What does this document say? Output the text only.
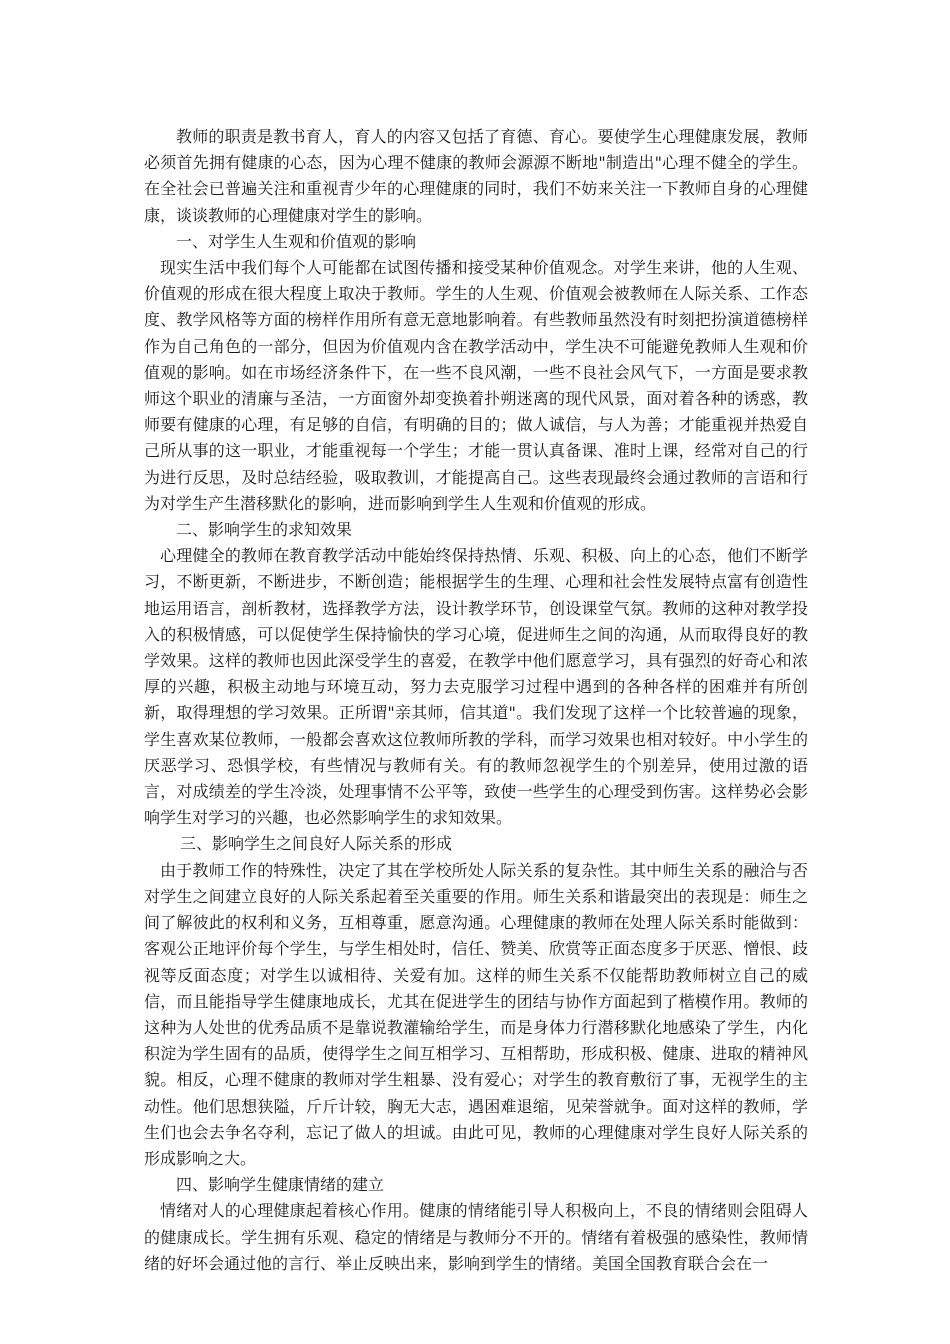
教师的职责是教书育人，育人的内容又包括了育德、育心。要使学生心理健康发展，教师必须首先拥有健康的心态，因为心理不健康的教师会源源不断地"制造出"心理不健全的学生。在全社会已普遍关注和重视青少年的心理健康的同时，我们不妨来关注一下教师自身的心理健康，谈谈教师的心理健康对学生的影响。

一、对学生人生观和价值观的影响

现实生活中我们每个人可能都在试图传播和接受某种价值观念。对学生来讲，他的人生观、价值观的形成在很大程度上取决于教师。学生的人生观、价值观会被教师在人际关系、工作态度、教学风格等方面的榜样作用所有意无意地影响着。有些教师虽然没有时刻把扮演道德榜样作为自己角色的一部分，但因为价值观内含在教学活动中，学生决不可能避免教师人生观和价值观的影响。如在市场经济条件下，在一些不良风潮，一些不良社会风气下，一方面是要求教师这个职业的清廉与圣洁，一方面窗外却变换着扑朔迷离的现代风景，面对着各种的诱惑，教师要有健康的心理，有足够的自信，有明确的目的；做人诚信，与人为善；才能重视并热爱自己所从事的这一职业，才能重视每一个学生；才能一贯认真备课、准时上课，经常对自己的行为进行反思，及时总结经验，吸取教训，才能提高自己。这些表现最终会通过教师的言语和行为对学生产生潜移默化的影响，进而影响到学生人生观和价值观的形成。

二、影响学生的求知效果

心理健全的教师在教育教学活动中能始终保持热情、乐观、积极、向上的心态，他们不断学习，不断更新，不断进步，不断创造；能根据学生的生理、心理和社会性发展特点富有创造性地运用语言，剖析教材，选择教学方法，设计教学环节，创设课堂气氛。教师的这种对教学投入的积极情感，可以促使学生保持愉快的学习心境，促进师生之间的沟通，从而取得良好的教学效果。这样的教师也因此深受学生的喜爱，在教学中他们愿意学习，具有强烈的好奇心和浓厚的兴趣，积极主动地与环境互动，努力去克服学习过程中遇到的各种各样的困难并有所创新，取得理想的学习效果。正所谓"亲其师，信其道"。我们发现了这样一个比较普遍的现象，学生喜欢某位教师，一般都会喜欢这位教师所教的学科，而学习效果也相对较好。中小学生的厌恶学习、恐惧学校，有些情况与教师有关。有的教师忽视学生的个别差异，使用过激的语言，对成绩差的学生冷淡，处理事情不公平等，致使一些学生的心理受到伤害。这样势必会影响学生对学习的兴趣，也必然影响学生的求知效果。

三、影响学生之间良好人际关系的形成

由于教师工作的特殊性，决定了其在学校所处人际关系的复杂性。其中师生关系的融洽与否对学生之间建立良好的人际关系起着至关重要的作用。师生关系和谐最突出的表现是：师生之间了解彼此的权利和义务，互相尊重，愿意沟通。心理健康的教师在处理人际关系时能做到：客观公正地评价每个学生，与学生相处时，信任、赞美、欣赏等正面态度多于厌恶、憎恨、歧视等反面态度；对学生以诚相待、关爱有加。这样的师生关系不仅能帮助教师树立自己的威信，而且能指导学生健康地成长，尤其在促进学生的团结与协作方面起到了楷模作用。教师的这种为人处世的优秀品质不是靠说教灌输给学生，而是身体力行潜移默化地感染了学生，内化积淀为学生固有的品质，使得学生之间互相学习、互相帮助，形成积极、健康、进取的精神风貌。相反，心理不健康的教师对学生粗暴、没有爱心；对学生的教育敷衍了事，无视学生的主动性。他们思想狭隘，斤斤计较，胸无大志，遇困难退缩，见荣誉就争。面对这样的教师，学生们也会去争名夺利，忘记了做人的坦诚。由此可见，教师的心理健康对学生良好人际关系的形成影响之大。

四、影响学生健康情绪的建立

情绪对人的心理健康起着核心作用。健康的情绪能引导人积极向上，不良的情绪则会阻碍人的健康成长。学生拥有乐观、稳定的情绪是与教师分不开的。情绪有着极强的感染性，教师情绪的好坏会通过他的言行、举止反映出来，影响到学生的情绪。美国全国教育联合会在一
